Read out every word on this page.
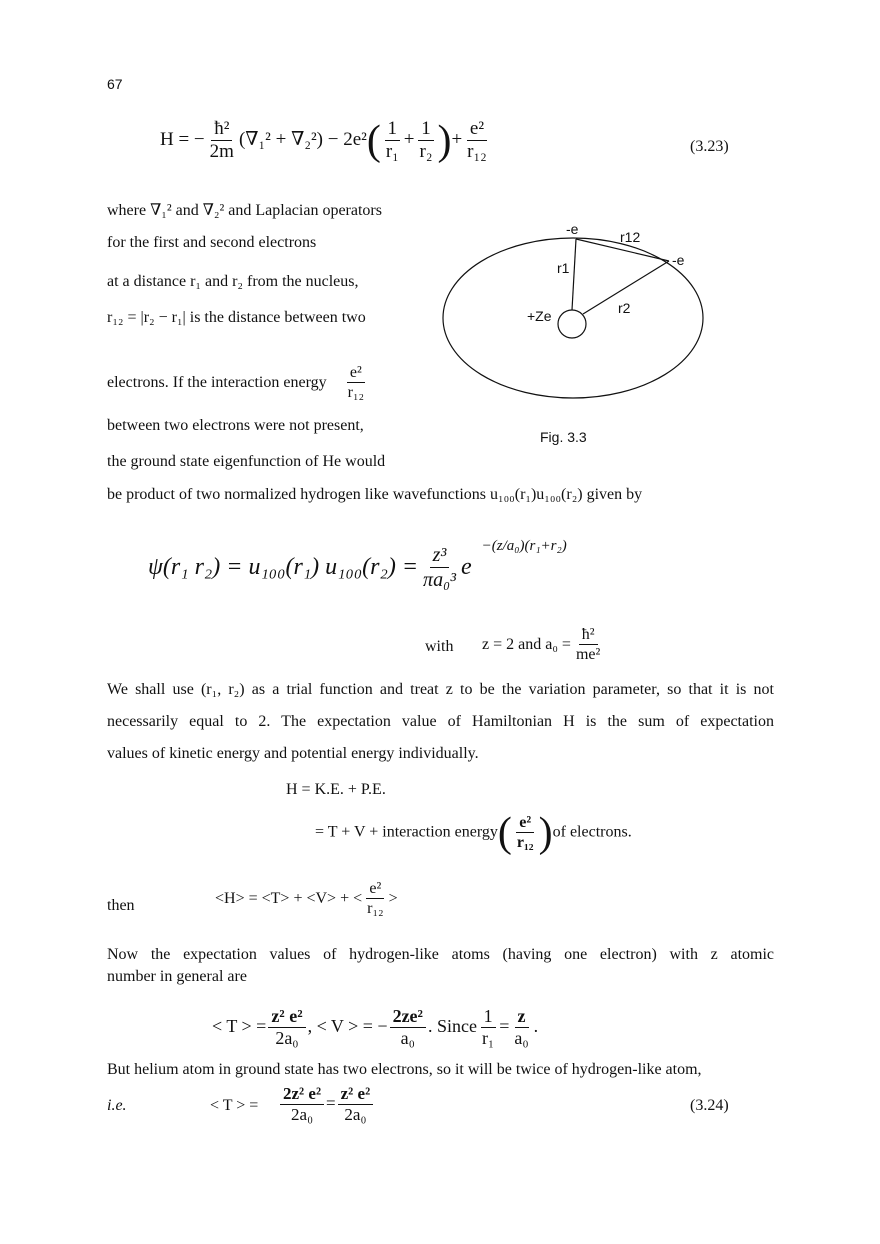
67
H = − $\frac{\text{ħ²}}{2m} (\nabla_1^2 + \nabla_2^2) - 2e^2( \frac{1}{\text{r₁}} + \frac{1}{\text{r₂}}$ )+ $\frac{\text{e²}}{\text{r₁₂}}$	(3.23)
where ∇₁² and ∇₂² and Laplacian operators
for the first and second electrons
at a distance r₁ and r₂ from the nucleus,
r₁₂ = |r₂ − r₁| is the distance between two
electrons. If the interaction energy $\frac{\text{e²}}{\text{r₁₂}}$
between two electrons were not present,
the ground state eigenfunction of He would
be product of two normalized hydrogen like wavefunctions u₁₀₀(r₁)u₁₀₀(r₂) given by
-e	r12
-e
r1
r2
+Ze
Fig. 3.3
ψ(r₁ r₂) = u₁₀₀(r₁) $u_{100}(r_2) = \frac{\text{z³}}{\text{πa₀³}} e^{-(z/a_0)(r_1+r_2)}$
with z = 2 and $a_0 = \frac{\text{ħ²}}{\text{me²}}$
We shall use (r₁, r₂) as a trial function and treat z to be the variation parameter, so that it is not
necessarily equal to 2. The expectation value of Hamiltonian H is the sum of expectation
values of kinetic energy and potential energy individually.
H = K.E. + P.E.
= T + V + interaction energy( $\frac{\text{e²}}{\text{r₁₂}} )of$ electrons.
then	<H> = <T> + <V> + < $\frac{\text{e²}}{\text{r₁₂}}$ >
Now the expectation values of hydrogen-like atoms (having one electron) with z atomic
number in general are
< T > = $\frac{\text{z² e²}}{\text{2a₀}}$ , < V > = − $\frac{\text{2ze²}}{\text{a₀}}$ . Since $\frac{1}{\text{r₁}} = \frac{z}{\text{a₀}}$ .
But helium atom in ground state has two electrons, so it will be twice of hydrogen-like atom,
i.e.	< T > = $\frac{\text{2z² e²}}{\text{2a₀}} = \frac{\text{z² e²}}{\text{2a₀}}$	(3.24)
